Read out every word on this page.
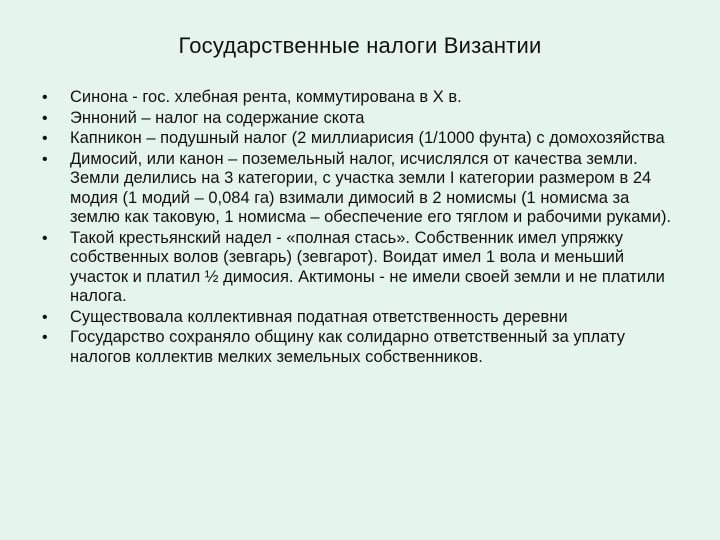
Государственные налоги Византии
•	Синона - гос. хлебная рента, коммутирована в X в.
•	Энноний – налог на содержание скота
•	Капникон – подушный налог (2 миллиарисия (1/1000 фунта) с домохозяйства
•	Димосий, или канон – поземельный налог, исчислялся от качества земли. Земли делились на 3 категории, с участка земли I категории размером в 24 модия (1 модий – 0,084 га) взимали димосий в 2 номисмы (1 номисма за землю как таковую, 1 номисма – обеспечение его тяглом и рабочими руками).
•	Такой крестьянский надел - «полная стась». Собственник имел упряжку собственных волов (зевгарь) (зевгарот). Воидат имел 1 вола и меньший участок и платил ½ димосия. Актимоны - не имели своей земли и не платили налога.
•	Существовала коллективная податная ответственность деревни
•	Государство сохраняло общину как солидарно ответственный за уплату налогов коллектив мелких земельных собственников.
